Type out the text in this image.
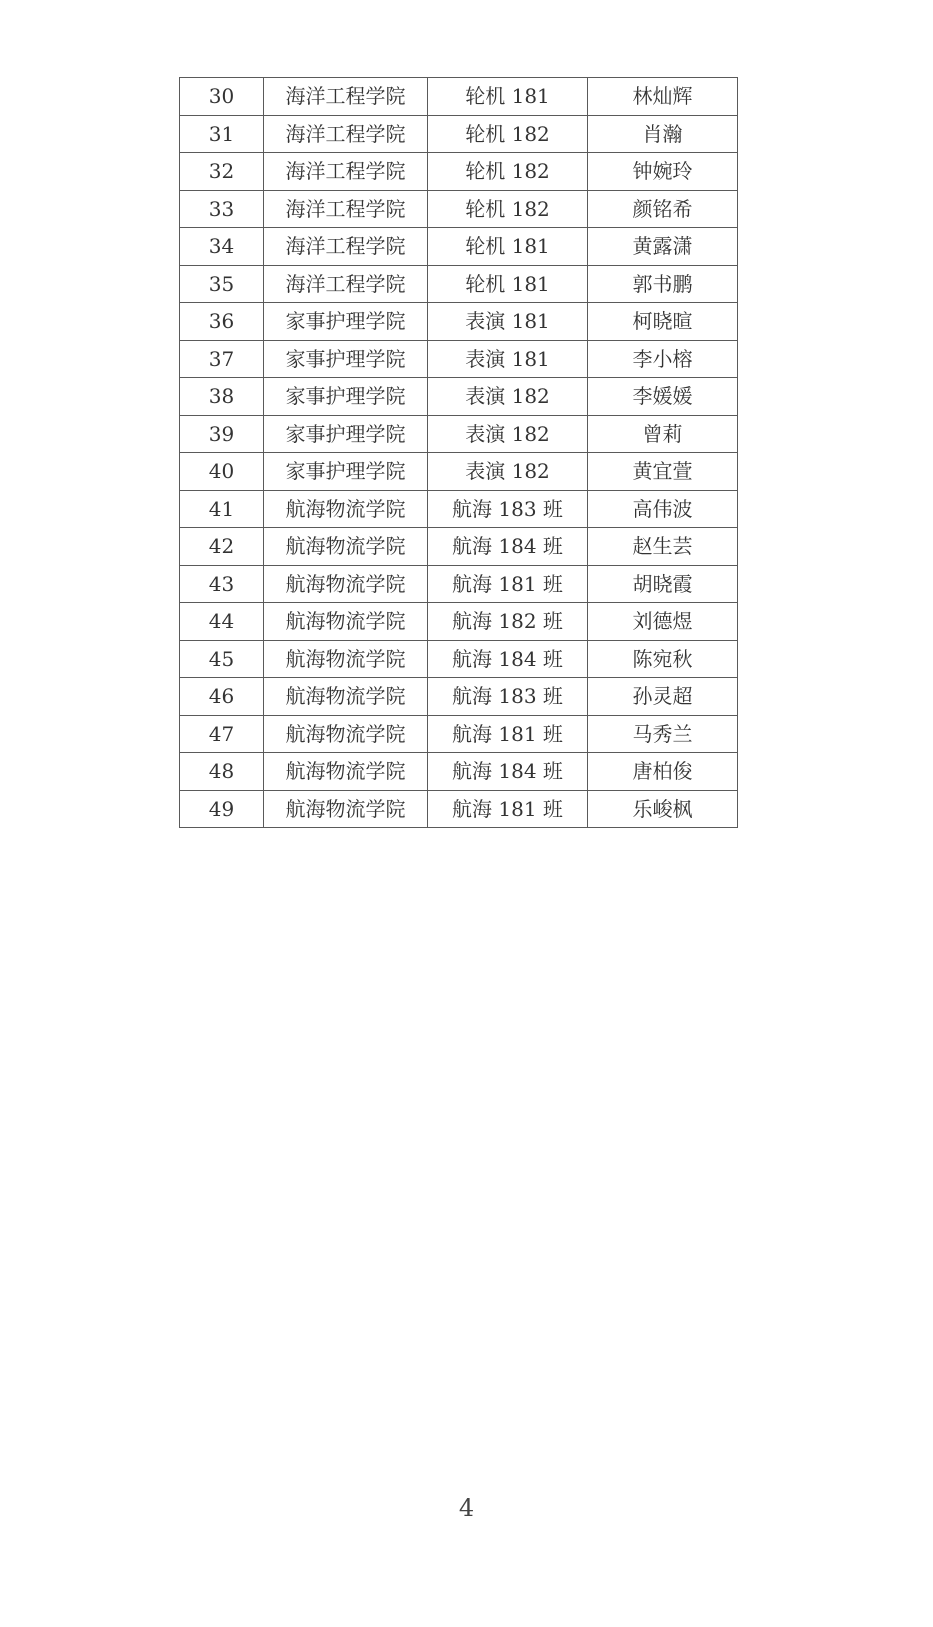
30	海洋工程学院	轮机 181	林灿辉
31	海洋工程学院	轮机 182	肖瀚
32	海洋工程学院	轮机 182	钟婉玲
33	海洋工程学院	轮机 182	颜铭希
34	海洋工程学院	轮机 181	黄露潇
35	海洋工程学院	轮机 181	郭书鹏
36	家事护理学院	表演 181	柯晓暄
37	家事护理学院	表演 181	李小榕
38	家事护理学院	表演 182	李媛媛
39	家事护理学院	表演 182	曾莉
40	家事护理学院	表演 182	黄宜萱
41	航海物流学院	航海 183 班	高伟波
42	航海物流学院	航海 184 班	赵生芸
43	航海物流学院	航海 181 班	胡晓霞
44	航海物流学院	航海 182 班	刘德煜
45	航海物流学院	航海 184 班	陈宛秋
46	航海物流学院	航海 183 班	孙灵超
47	航海物流学院	航海 181 班	马秀兰
48	航海物流学院	航海 184 班	唐柏俊
49	航海物流学院	航海 181 班	乐峻枫
4
